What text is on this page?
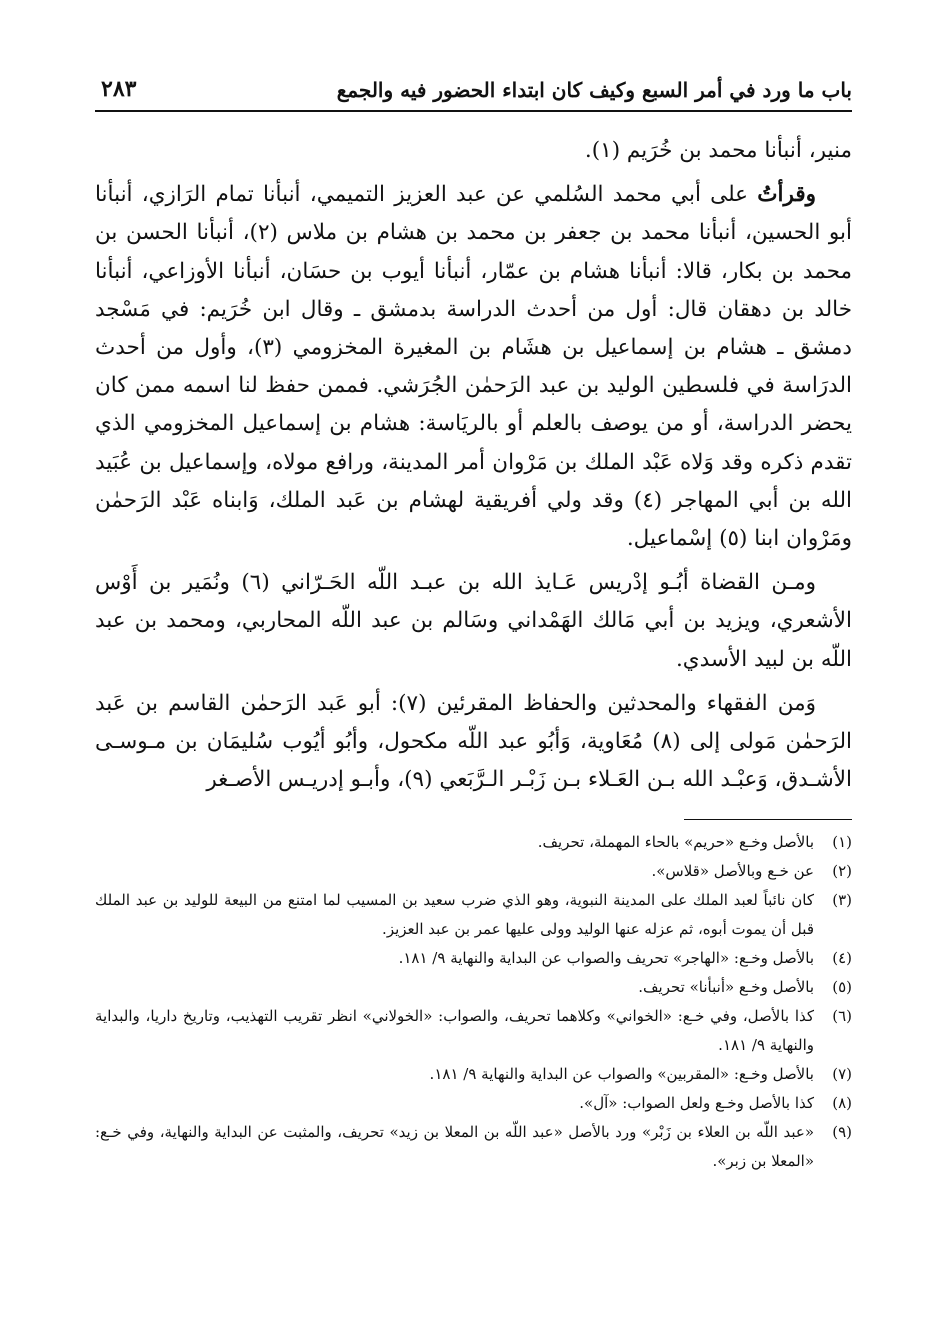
باب ما ورد في أمر السبع وكيف كان ابتداء الحضور فيه والجمع
٢٨٣

منير، أنبأنا محمد بن خُرَيم (١).

وقرأتُ على أبي محمد السُلمي عن عبد العزيز التميمي، أنبأنا تمام الرَازي، أنبأنا أبو الحسين، أنبأنا محمد بن جعفر بن محمد بن هشام بن ملاس (٢)، أنبأنا الحسن بن محمد بن بكار، قالا: أنبأنا هشام بن عمّار، أنبأنا أيوب بن حسَان، أنبأنا الأوزاعي، أنبأنا خالد بن دهقان قال: أول من أحدث الدراسة بدمشق ـ وقال ابن خُرَيم: في مَسْجد دمشق ـ هشام بن إسماعيل بن هشَام بن المغيرة المخزومي (٣)، وأول من أحدث الدرَاسة في فلسطين الوليد بن عبد الرَحمٰن الجُرَشي. فممن حفظ لنا اسمه ممن كان يحضر الدراسة، أو من يوصف بالعلم أو بالريَاسة: هشام بن إسماعيل المخزومي الذي تقدم ذكره وقد وَلاه عَبْد الملك بن مَرْوان أمر المدينة، ورافع مولاه، وإسماعيل بن عُبَيد الله بن أبي المهاجر (٤) وقد ولي أفريقية لهشام بن عَبد الملك، وَابناه عَبْد الرَحمٰن ومَرْوان ابنا (٥) إسْماعيل.

ومـن القضاة أبُـو إدْريس عَـايذ الله بن عبـد اللّه الحَـرّاني (٦) ونُمَير بن أَوْس الأشعري، ويزيد بن أبي مَالك الهَمْداني وسَالم بن عبد اللّه المحاربي، ومحمد بن عبد اللّه بن لبيد الأسدي.

وَمن الفقهاء والمحدثين والحفاظ المقرئين (٧): أبو عَبد الرَحمٰن القاسم بن عَبد الرَحمٰن مَولى إلى (٨) مُعَاوية، وَأبُو عبد اللّه مكحول، وأبُو أيُوب سُليمَان بن مـوسـى الأشـدق، وَعبْـد الله بـن العَـلاء بـن زَبْـر الـرَّبَعي (٩)، وأبـو إدريـس الأصـغر

(١)
بالأصل وخـع «حريم» بالحاء المهملة، تحريف.
(٢)
عن خـع وبالأصل «قلاس».
(٣)
كان نائباً لعبد الملك على المدينة النبوية، وهو الذي ضرب سعيد بن المسيب لما امتنع من البيعة للوليد بن عبد الملك قبل أن يموت أبوه، ثم عزله عنها الوليد وولى عليها عمر بن عبد العزيز.
(٤)
بالأصل وخـع: «الهاجر» تحريف والصواب عن البداية والنهاية ٩/ ١٨١.
(٥)
بالأصل وخـع «أنبأنا» تحريف.
(٦)
كذا بالأصل، وفي خـع: «الخواني» وكلاهما تحريف، والصواب: «الخولاني» انظر تقريب التهذيب، وتاريخ داريا، والبداية والنهاية ٩/ ١٨١.
(٧)
بالأصل وخـع: «المقربين» والصواب عن البداية والنهاية ٩/ ١٨١.
(٨)
كذا بالأصل وخـع ولعل الصواب: «آل».
(٩)
«عبد اللّه بن العلاء بن زَبْر» ورد بالأصل «عبد اللّه بن المعلا بن زيد» تحريف، والمثبت عن البداية والنهاية، وفي خـع: «المعلا بن زبر».
